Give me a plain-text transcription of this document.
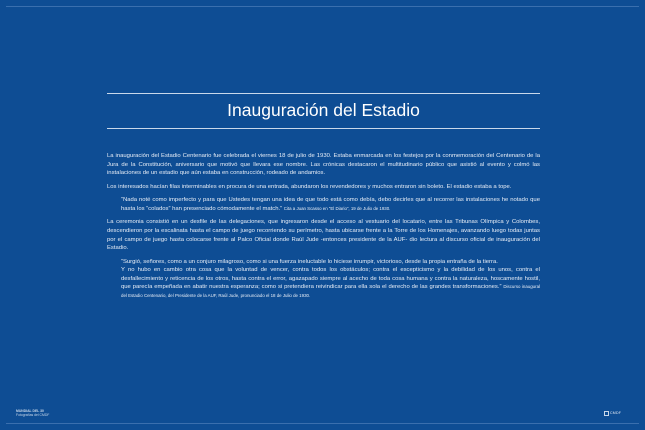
Inauguración del Estadio

La inauguración del Estadio Centenario fue celebrada el viernes 18 de julio de 1930. Estaba enmarcada en los festejos por la conmemoración del Centenario de la Jura de la Constitución, aniversario que motivó que llevara ese nombre. Las crónicas destacaron el multitudinario público que asistió al evento y colmó las instalaciones de un estadio que aún estaba en construcción, rodeado de andamios.

Los interesados hacían filas interminables en procura de una entrada, abundaron los revendedores y muchos entraron sin boleto. El estadio estaba a tope.

“Nada noté como imperfecto y para que Ustedes tengan una idea de que todo está como debía, debo decirles que al recorrer las instalaciones he notado que hasta los “colados” han presenciado cómodamente el match.” Cita a Juan Scasso en “El Diario”, 19 de Julio de 1930.

La ceremonia consistió en un desfile de las delegaciones, que ingresaron desde el acceso al vestuario del locatario, entre las Tribunas Olímpica y Colombes, descendieron por la escalinata hasta el campo de juego recorriendo su perímetro, hasta ubicarse frente a la Torre de los Homenajes, avanzando luego todas juntas por el campo de juego hasta colocarse frente al Palco Oficial donde Raúl Jude -entonces presidente de la AUF- dio lectura al discurso oficial de inauguración del Estadio.

“Surgió, señores, como a un conjuro milagroso, como si una fuerza ineluctable lo hiciese irrumpir, victorioso, desde la propia entraña de la tierra.

Y no hubo en cambio otra cosa que la voluntad de vencer, contra todos los obstáculos; contra el escepticismo y la debilidad de los unos, contra el desfallecimiento y reticencia de los otros, hasta contra el error, agazapado siempre al acecho de toda cosa humana y contra la naturaleza, hoscamente hostil, que parecía empeñada en abatir nuestra esperanza; como si pretendiera reivindicar para ella sola el derecho de las grandes transformaciones.” Discurso inaugural del Estadio Centenario, del Presidente de la AUF, Raúl Jude, pronunciado el 18 de Julio de 1930.

MUNDIAL DEL 30
Fotografías del CMDF
CMDF
